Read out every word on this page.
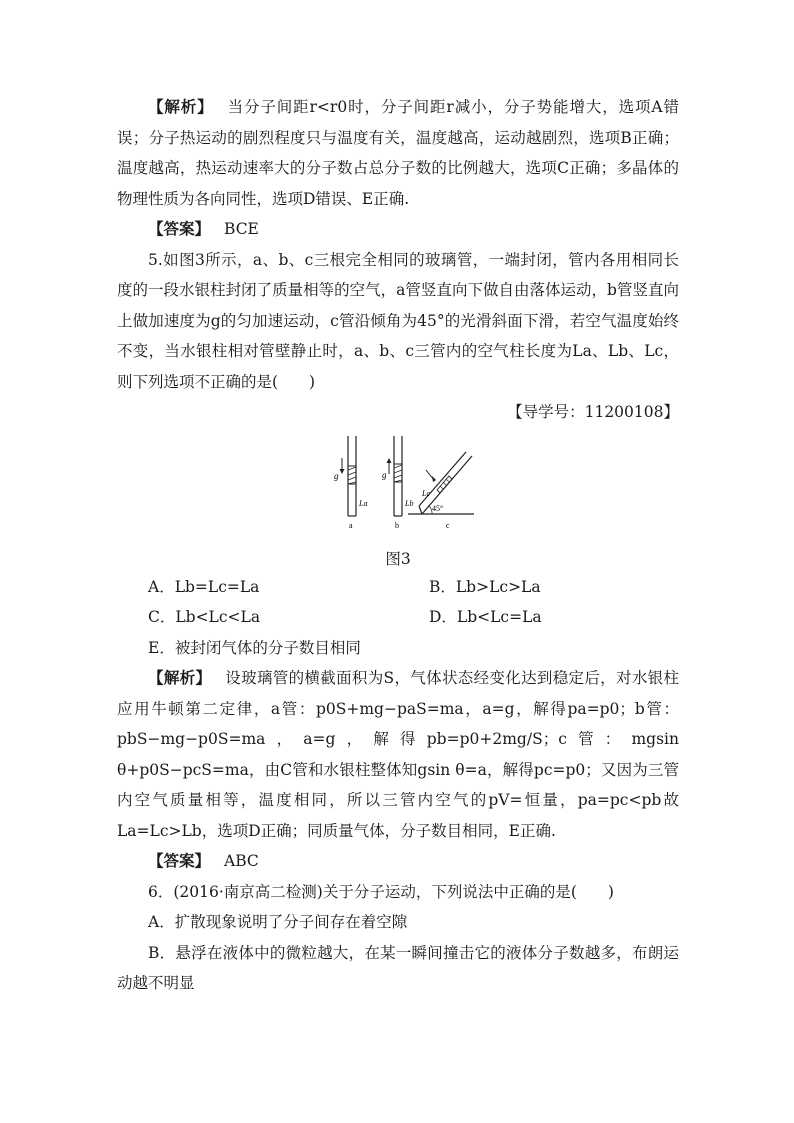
【解析】 当分子间距r<r0时，分子间距r减小，分子势能增大，选项A错误；分子热运动的剧烈程度只与温度有关，温度越高，运动越剧烈，选项B正确；温度越高，热运动速率大的分子数占总分子数的比例越大，选项C正确；多晶体的物理性质为各向同性，选项D错误、E正确.

【答案】 BCE

5.如图3所示，a、b、c三根完全相同的玻璃管，一端封闭，管内各用相同长度的一段水银柱封闭了质量相等的空气，a管竖直向下做自由落体运动，b管竖直向上做加速度为g的匀加速运动，c管沿倾角为45°的光滑斜面下滑，若空气温度始终不变，当水银柱相对管壁静止时，a、b、c三管内的空气柱长度为La、Lb、Lc，则下列选项不正确的是(　　)

【导学号：11200108】

g
La
a
g
Lb
b
Lc
45°
c
图3
A．Lb=Lc=La	B．Lb>Lc>La
C．Lb<Lc<La	D．Lb<Lc=La

E．被封闭气体的分子数目相同

【解析】 设玻璃管的横截面积为S，气体状态经变化达到稳定后，对水银柱应用牛顿第二定律，a管：p0S+mg−paS=ma，a=g，解得pa=p0；b管：pbS−mg−p0S=ma，a=g，解得pb=p0+2mg/S；c管：mgsin θ+p0S−pcS=ma，由C管和水银柱整体知gsin θ=a，解得pc=p0；又因为三管内空气质量相等，温度相同，所以三管内空气的pV=恒量，pa=pc<pb故La=Lc>Lb，选项D正确；同质量气体，分子数目相同，E正确.

【答案】 ABC

6．(2016·南京高二检测)关于分子运动，下列说法中正确的是(　　)

A．扩散现象说明了分子间存在着空隙

B．悬浮在液体中的微粒越大，在某一瞬间撞击它的液体分子数越多，布朗运动越不明显
